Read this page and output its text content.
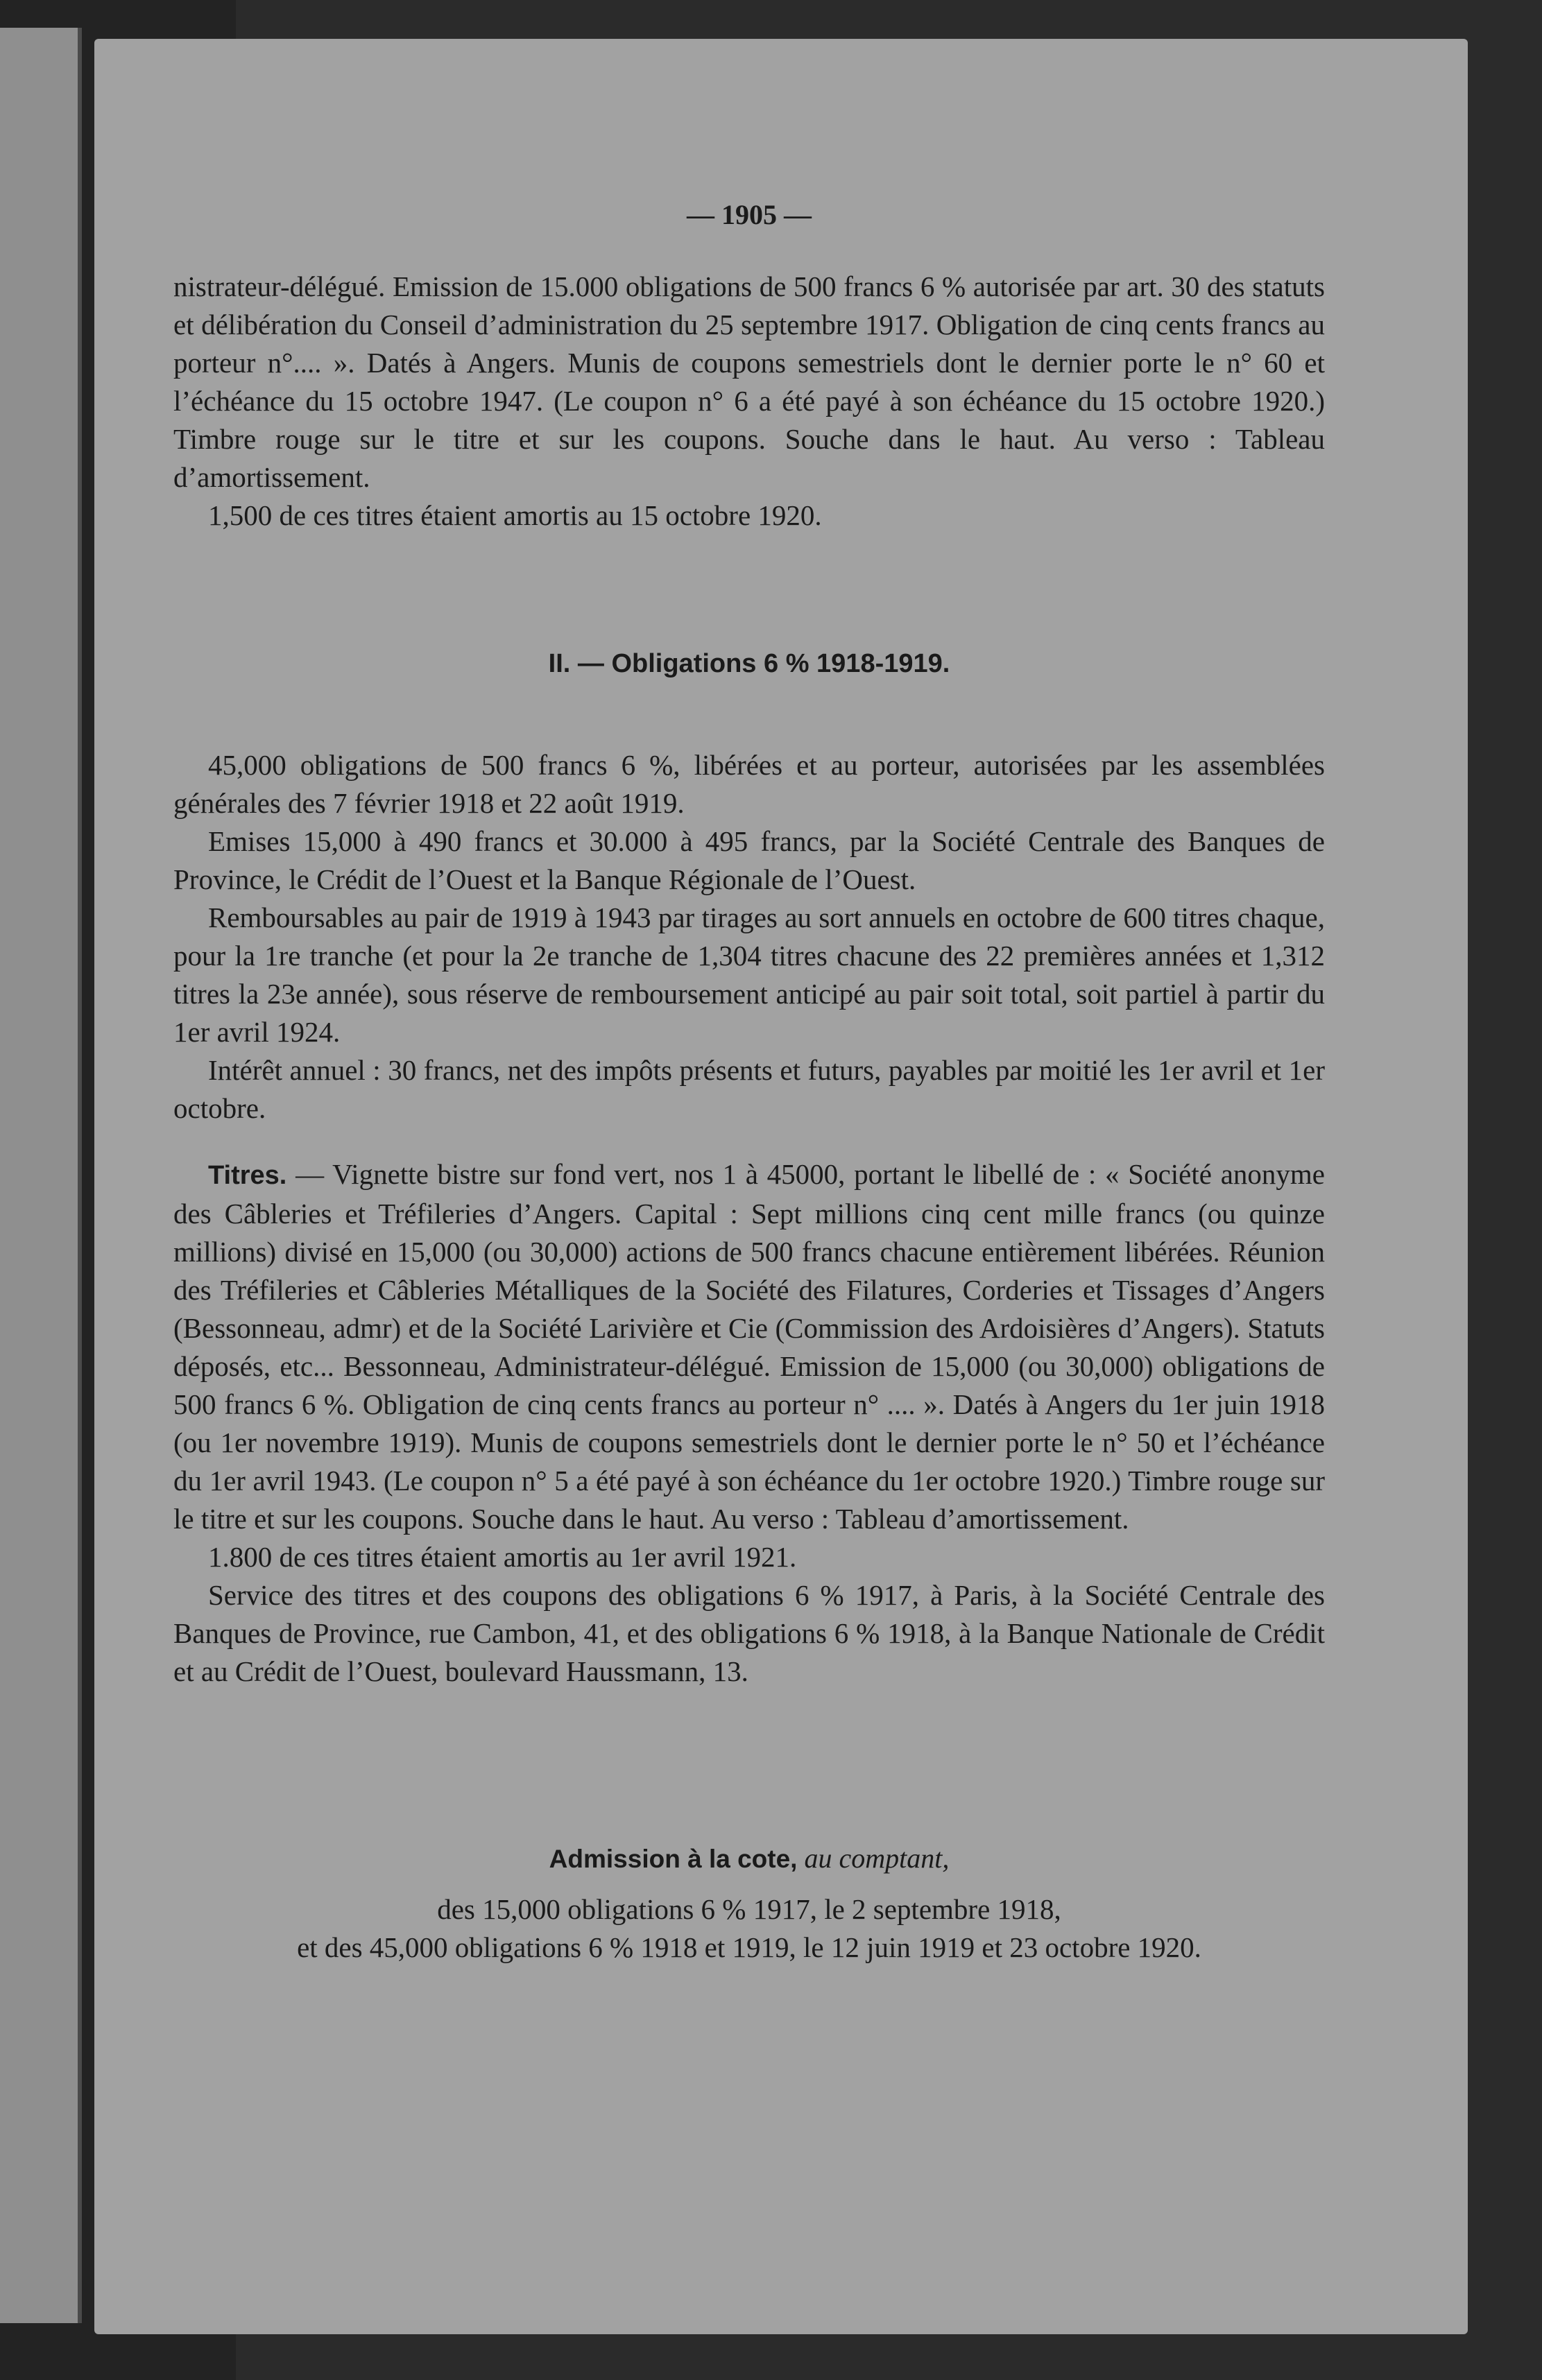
— 1905 —

nistrateur-délégué. Emission de 15.000 obligations de 500 francs 6 % autorisée par art. 30 des statuts et délibération du Conseil d’administration du 25 septembre 1917. Obligation de cinq cents francs au porteur n°.... ». Datés à Angers. Munis de coupons semestriels dont le dernier porte le n° 60 et l’échéance du 15 octobre 1947. (Le coupon n° 6 a été payé à son échéance du 15 octobre 1920.) Timbre rouge sur le titre et sur les coupons. Souche dans le haut. Au verso : Tableau d’amortissement.

1,500 de ces titres étaient amortis au 15 octobre 1920.

II. — Obligations 6 % 1918-1919.

45,000 obligations de 500 francs 6 %, libérées et au porteur, autorisées par les assemblées générales des 7 février 1918 et 22 août 1919.

Emises 15,000 à 490 francs et 30.000 à 495 francs, par la Société Centrale des Banques de Province, le Crédit de l’Ouest et la Banque Régionale de l’Ouest.

Remboursables au pair de 1919 à 1943 par tirages au sort annuels en octobre de 600 titres chaque, pour la 1re tranche (et pour la 2e tranche de 1,304 titres chacune des 22 premières années et 1,312 titres la 23e année), sous réserve de remboursement anticipé au pair soit total, soit partiel à partir du 1er avril 1924.

Intérêt annuel : 30 francs, net des impôts présents et futurs, payables par moitié les 1er avril et 1er octobre.

Titres. — Vignette bistre sur fond vert, nos 1 à 45000, portant le libellé de : « Société anonyme des Câbleries et Tréfileries d’Angers. Capital : Sept millions cinq cent mille francs (ou quinze millions) divisé en 15,000 (ou 30,000) actions de 500 francs chacune entièrement libérées. Réunion des Tréfileries et Câbleries Métalliques de la Société des Filatures, Corderies et Tissages d’Angers (Bessonneau, admr) et de la Société Larivière et Cie (Commission des Ardoisières d’Angers). Statuts déposés, etc... Bessonneau, Administrateur-délégué. Emission de 15,000 (ou 30,000) obligations de 500 francs 6 %. Obligation de cinq cents francs au porteur n° .... ». Datés à Angers du 1er juin 1918 (ou 1er novembre 1919). Munis de coupons semestriels dont le dernier porte le n° 50 et l’échéance du 1er avril 1943. (Le coupon n° 5 a été payé à son échéance du 1er octobre 1920.) Timbre rouge sur le titre et sur les coupons. Souche dans le haut. Au verso : Tableau d’amortissement.

1.800 de ces titres étaient amortis au 1er avril 1921.

Service des titres et des coupons des obligations 6 % 1917, à Paris, à la Société Centrale des Banques de Province, rue Cambon, 41, et des obligations 6 % 1918, à la Banque Nationale de Crédit et au Crédit de l’Ouest, boulevard Haussmann, 13.

Admission à la cote, au comptant,

des 15,000 obligations 6 % 1917, le 2 septembre 1918,

et des 45,000 obligations 6 % 1918 et 1919, le 12 juin 1919 et 23 octobre 1920.
